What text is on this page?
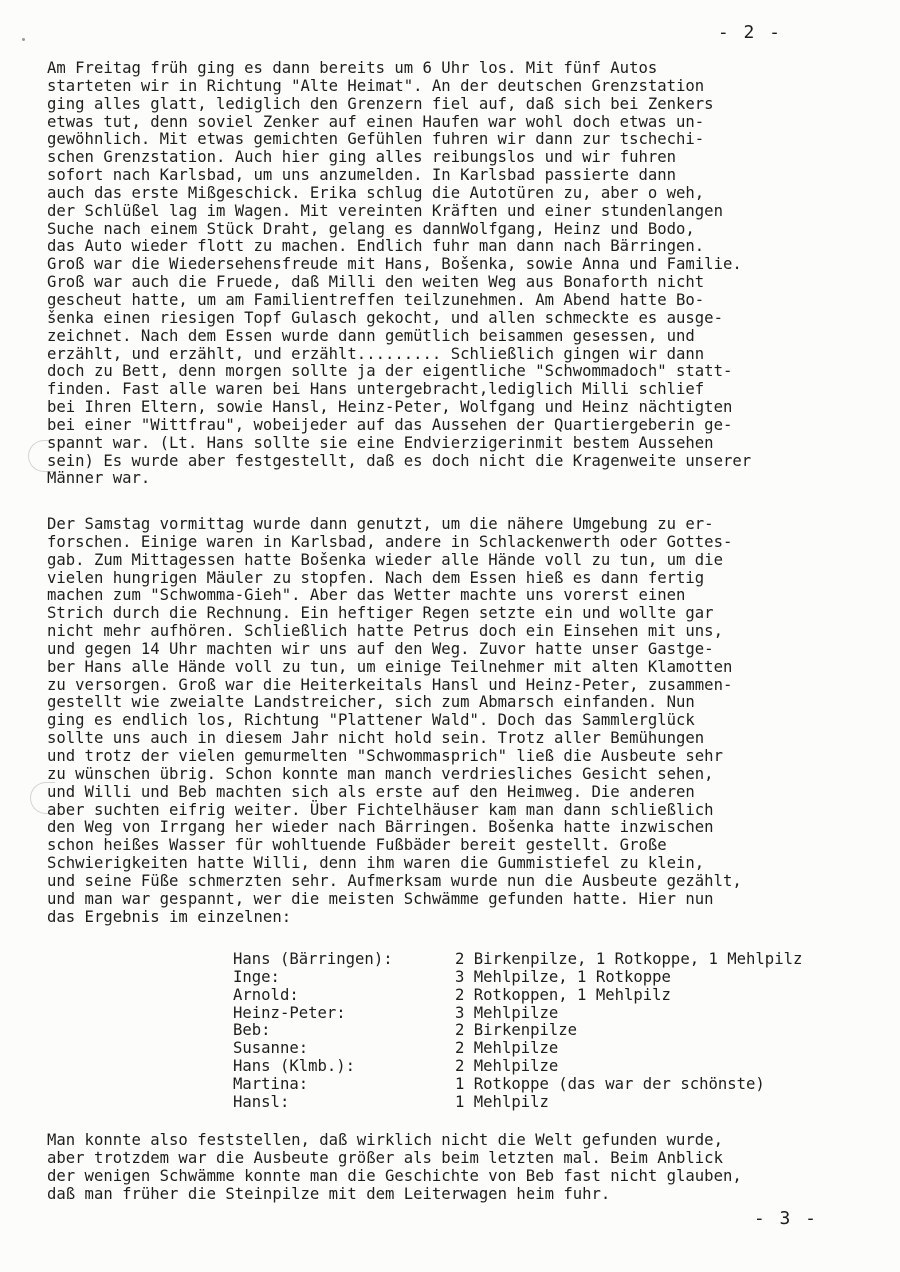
- 2 -
Am Freitag früh ging es dann bereits um 6 Uhr los. Mit fünf Autos
starteten wir in Richtung "Alte Heimat". An der deutschen Grenzstation
ging alles glatt, lediglich den Grenzern fiel auf, daß sich bei Zenkers
etwas tut, denn soviel Zenker auf einen Haufen war wohl doch etwas un-
gewöhnlich. Mit etwas gemichten Gefühlen fuhren wir dann zur tschechi-
schen Grenzstation. Auch hier ging alles reibungslos und wir fuhren
sofort nach Karlsbad, um uns anzumelden. In Karlsbad passierte dann
auch das erste Mißgeschick. Erika schlug die Autotüren zu, aber o weh,
der Schlüßel lag im Wagen. Mit vereinten Kräften und einer stundenlangen
Suche nach einem Stück Draht, gelang es dannWolfgang, Heinz und Bodo,
das Auto wieder flott zu machen. Endlich fuhr man dann nach Bärringen.
Groß war die Wiedersehensfreude mit Hans, Bošenka, sowie Anna und Familie.
Groß war auch die Fruede, daß Milli den weiten Weg aus Bonaforth nicht
gescheut hatte, um am Familientreffen teilzunehmen. Am Abend hatte Bo-
šenka einen riesigen Topf Gulasch gekocht, und allen schmeckte es ausge-
zeichnet. Nach dem Essen wurde dann gemütlich beisammen gesessen, und
erzählt, und erzählt, und erzählt......... Schließlich gingen wir dann
doch zu Bett, denn morgen sollte ja der eigentliche "Schwommadoch" statt-
finden. Fast alle waren bei Hans untergebracht,lediglich Milli schlief
bei Ihren Eltern, sowie Hansl, Heinz-Peter, Wolfgang und Heinz nächtigten
bei einer "Wittfrau", wobeijeder auf das Aussehen der Quartiergeberin ge-
spannt war. (Lt. Hans sollte sie eine Endvierzigerinmit bestem Aussehen
sein) Es wurde aber festgestellt, daß es doch nicht die Kragenweite unserer
Männer war.
Der Samstag vormittag wurde dann genutzt, um die nähere Umgebung zu er-
forschen. Einige waren in Karlsbad, andere in Schlackenwerth oder Gottes-
gab. Zum Mittagessen hatte Bošenka wieder alle Hände voll zu tun, um die
vielen hungrigen Mäuler zu stopfen. Nach dem Essen hieß es dann fertig
machen zum "Schwomma-Gieh". Aber das Wetter machte uns vorerst einen
Strich durch die Rechnung. Ein heftiger Regen setzte ein und wollte gar
nicht mehr aufhören. Schließlich hatte Petrus doch ein Einsehen mit uns,
und gegen 14 Uhr machten wir uns auf den Weg. Zuvor hatte unser Gastge-
ber Hans alle Hände voll zu tun, um einige Teilnehmer mit alten Klamotten
zu versorgen. Groß war die Heiterkeitals Hansl und Heinz-Peter, zusammen-
gestellt wie zweialte Landstreicher, sich zum Abmarsch einfanden. Nun
ging es endlich los, Richtung "Plattener Wald". Doch das Sammlerglück
sollte uns auch in diesem Jahr nicht hold sein. Trotz aller Bemühungen
und trotz der vielen gemurmelten "Schwommasprich" ließ die Ausbeute sehr
zu wünschen übrig. Schon konnte man manch verdriesliches Gesicht sehen,
und Willi und Beb machten sich als erste auf den Heimweg. Die anderen
aber suchten eifrig weiter. Über Fichtelhäuser kam man dann schließlich
den Weg von Irrgang her wieder nach Bärringen. Bošenka hatte inzwischen
schon heißes Wasser für wohltuende Fußbäder bereit gestellt. Große
Schwierigkeiten hatte Willi, denn ihm waren die Gummistiefel zu klein,
und seine Füße schmerzten sehr. Aufmerksam wurde nun die Ausbeute gezählt,
und man war gespannt, wer die meisten Schwämme gefunden hatte. Hier nun
das Ergebnis im einzelnen:
Hans (Bärringen):	2 Birkenpilze, 1 Rotkoppe, 1 Mehlpilz
Inge:	3 Mehlpilze, 1 Rotkoppe
Arnold:	2 Rotkoppen, 1 Mehlpilz
Heinz-Peter:	3 Mehlpilze
Beb:	2 Birkenpilze
Susanne:	2 Mehlpilze
Hans (Klmb.):	2 Mehlpilze
Martina:	1 Rotkoppe (das war der schönste)
Hansl:	1 Mehlpilz
Man konnte also feststellen, daß wirklich nicht die Welt gefunden wurde,
aber trotzdem war die Ausbeute größer als beim letzten mal. Beim Anblick
der wenigen Schwämme konnte man die Geschichte von Beb fast nicht glauben,
daß man früher die Steinpilze mit dem Leiterwagen heim fuhr.
- 3 -
